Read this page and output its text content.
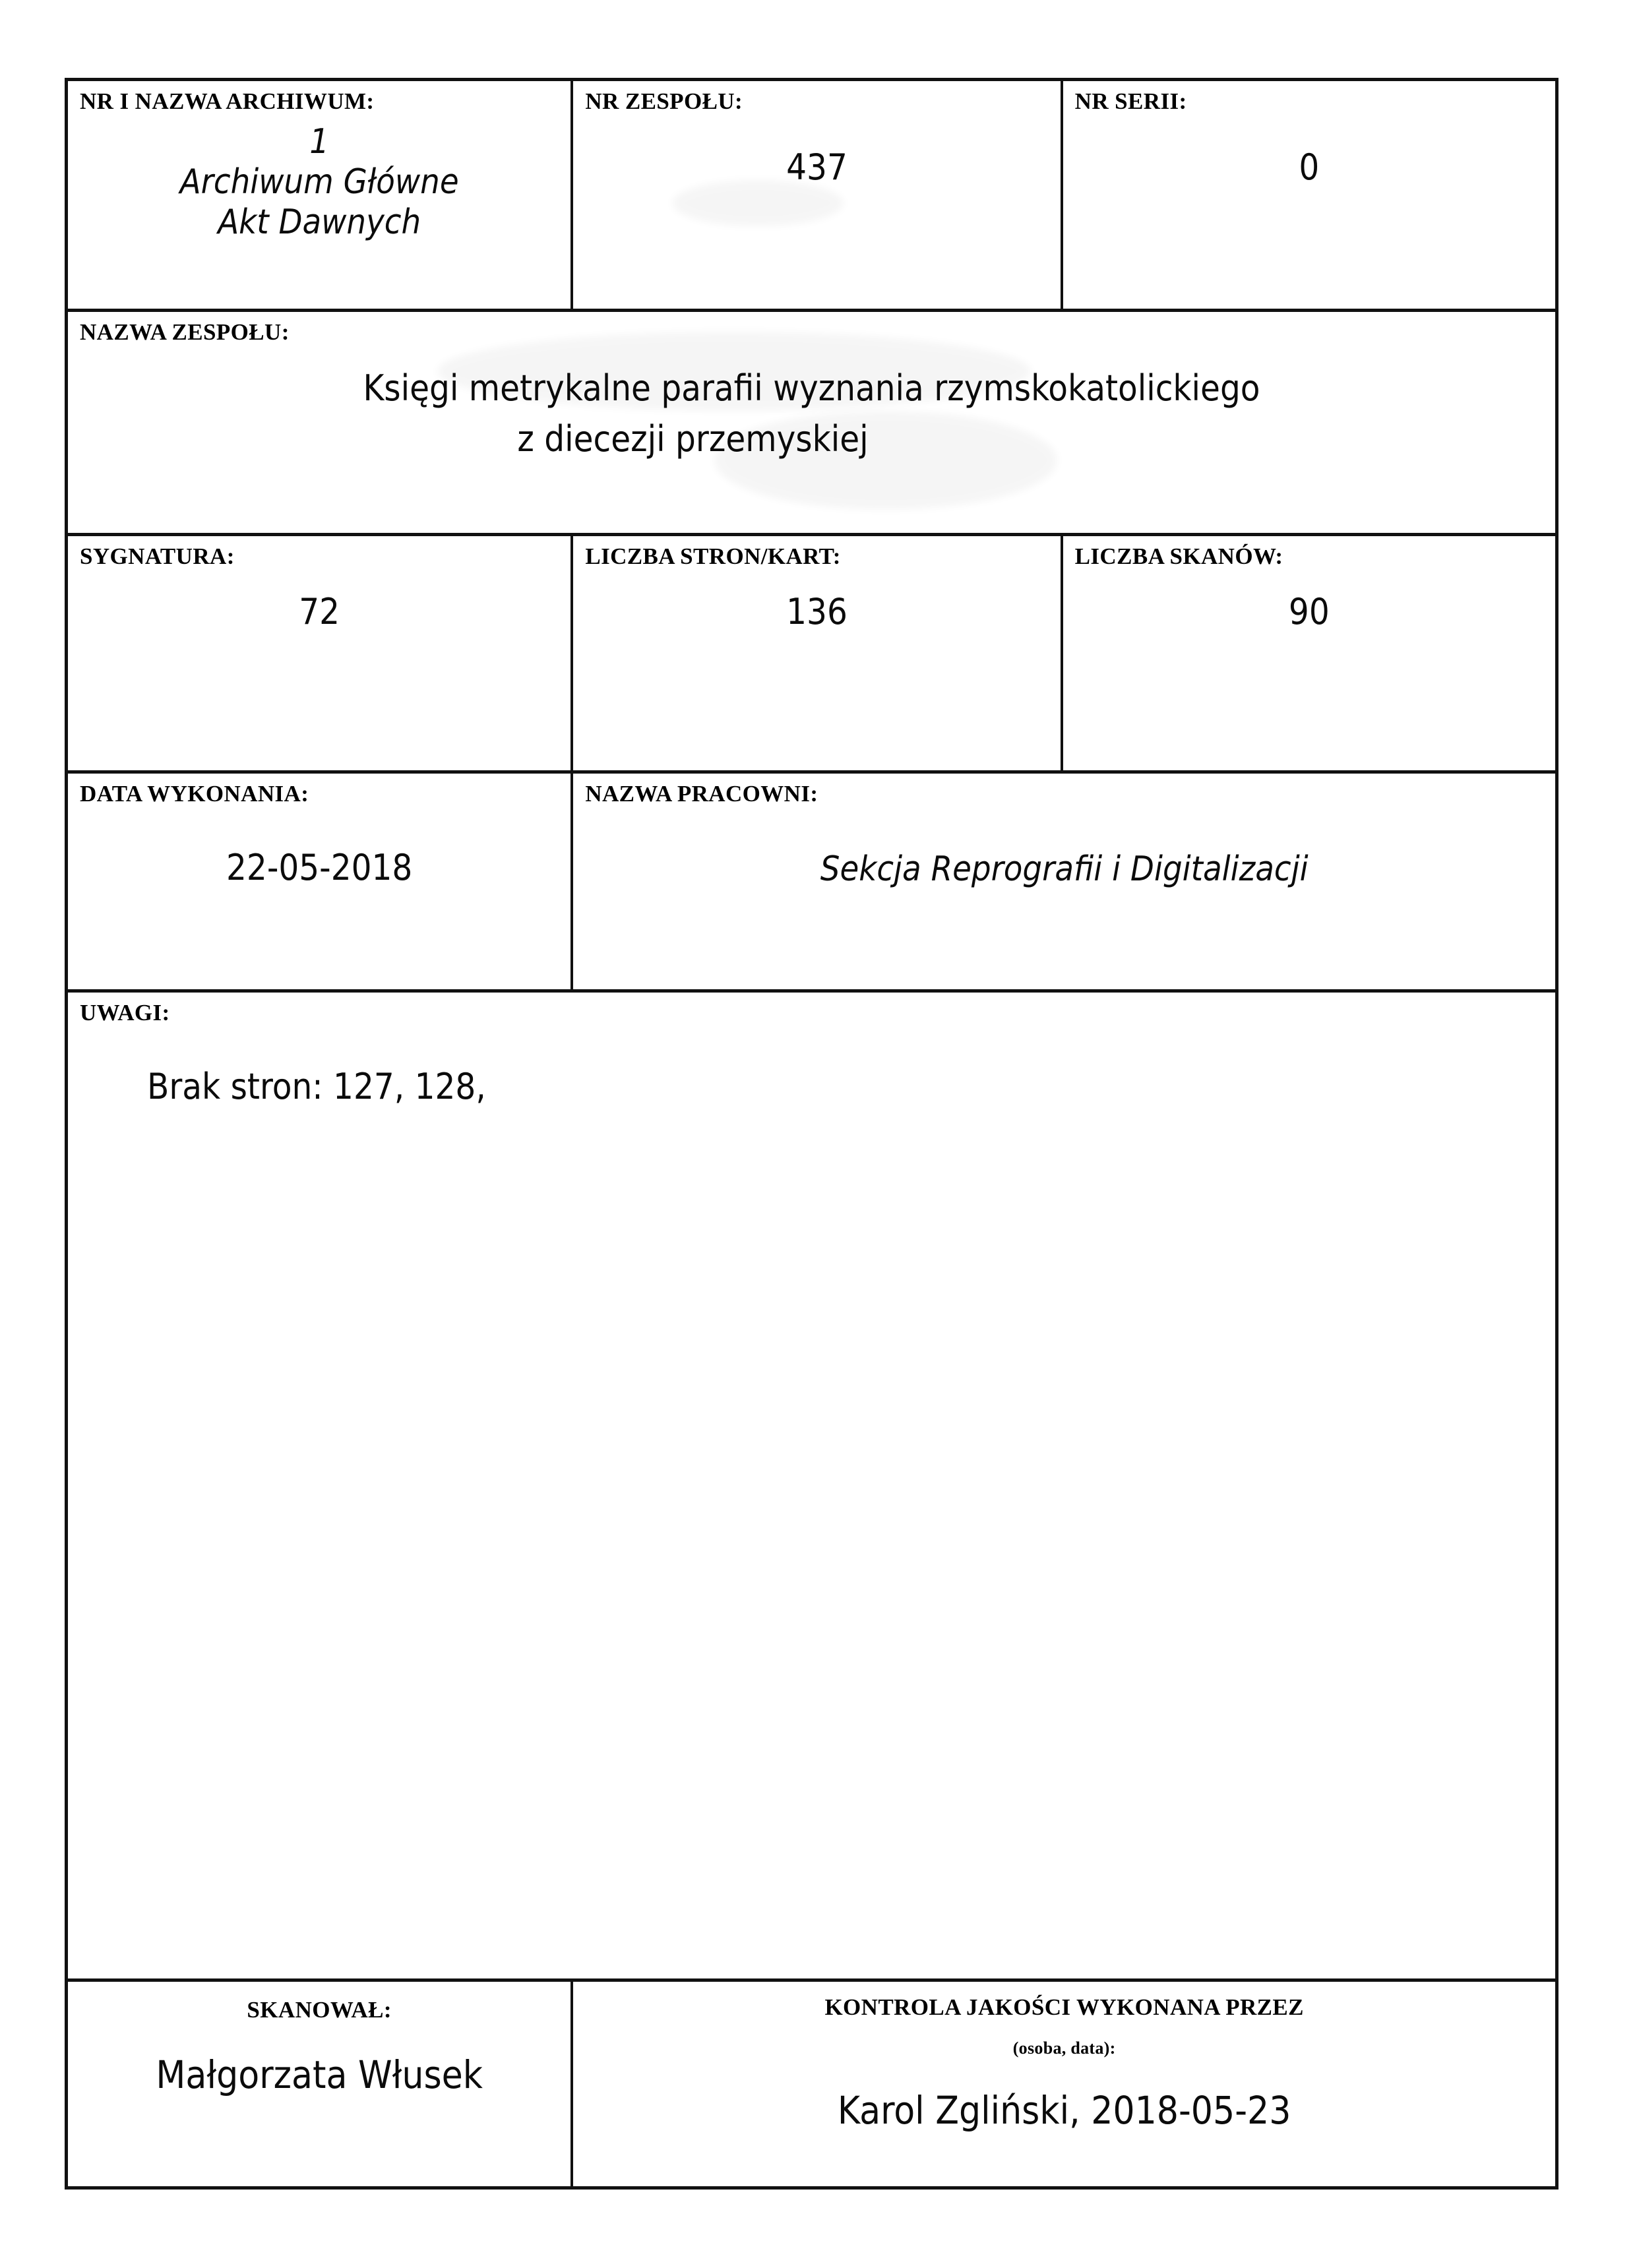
NR I NAZWA ARCHIWUM:
1
Archiwum Główne
Akt Dawnych
NR ZESPOŁU:
437
NR SERII:
0
NAZWA ZESPOŁU:
Księgi metrykalne parafii wyznania rzymskokatolickiego
z diecezji przemyskiej
SYGNATURA:
72
LICZBA STRON/KART:
136
LICZBA SKANÓW:
90
DATA WYKONANIA:
22-05-2018
NAZWA PRACOWNI:
Sekcja Reprografii i Digitalizacji
UWAGI:
Brak stron: 127, 128,
SKANOWAŁ:
Małgorzata Włusek
KONTROLA JAKOŚCI WYKONANA PRZEZ
(osoba, data):
Karol Zgliński, 2018-05-23
